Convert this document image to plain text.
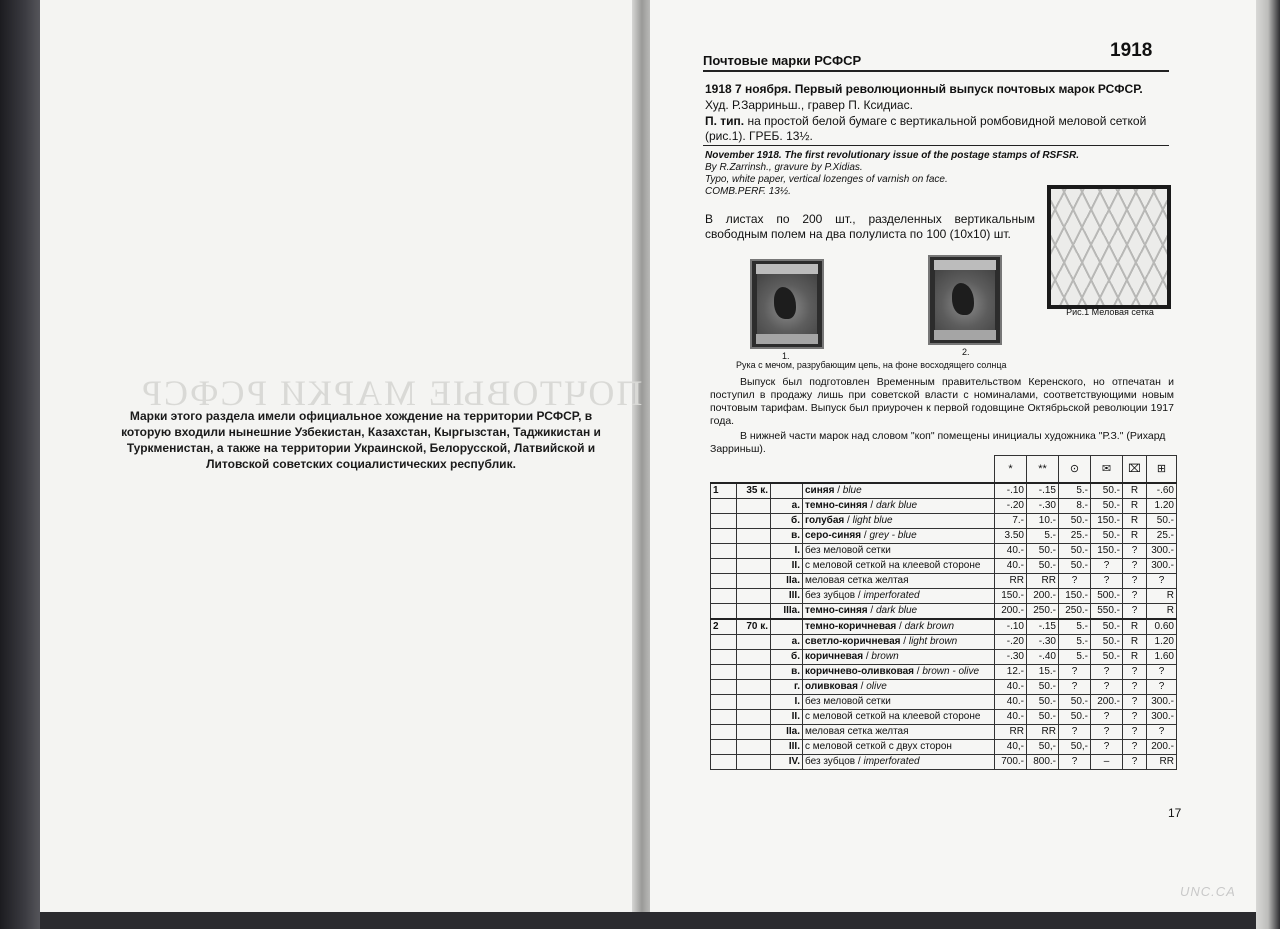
ПОЧТОВЫЕ МАРКИ РСФСР
Марки этого раздела имели официальное хождение на территории РСФСР, в которую входили нынешние Узбекистан, Казахстан, Кыргызстан, Таджикистан и Туркменистан, а также на территории Украинской, Белорусской, Латвийской и Литовской советских социалистических республик.
Почтовые марки РСФСР	1918
1918 7 ноября. Первый революционный выпуск почтовых марок РСФСР.
Худ. Р.Зарриньш., гравер П. Ксидиас.
П. тип. на простой белой бумаге с вертикальной ромбовидной меловой сеткой (рис.1). ГРЕБ. 13½.
November 1918. The first revolutionary issue of the postage stamps of RSFSR.
By R.Zarrinsh., gravure by P.Xidias.
Typo, white paper, vertical lozenges of varnish on face.
COMB.PERF. 13½.
В листах по 200 шт., разделенных вертикальным свободным полем на два полулиста по 100 (10х10) шт.
Рис.1 Меловая сетка
1.	2.
Рука с мечом, разрубающим цепь, на фоне восходящего солнца
Выпуск был подготовлен Временным правительством Керенского, но отпечатан и поступил в продажу лишь при советской власти с номиналами, соответствующими новым почтовым тарифам. Выпуск был приурочен к первой годовщине Октябрьской революции 1917 года.
В нижней части марок над словом "коп" помещены инициалы художника "Р.З." (Рихард Зарриньш).
				*	**	⊙	✉	⌧	⊞
1	35 к.		синяя / blue	-.10	-.15	5.-	50.-	R	-.60
		а.	темно-синяя / dark blue	-.20	-.30	8.-	50.-	R	1.20
		б.	голубая / light blue	7.-	10.-	50.-	150.-	R	50.-
		в.	серо-синяя / grey - blue	3.50	5.-	25.-	50.-	R	25.-
		I.	без меловой сетки	40.-	50.-	50.-	150.-	?	300.-
		II.	с меловой сеткой на клеевой стороне	40.-	50.-	50.-	?	?	300.-
		IIa.	меловая сетка желтая	RR	RR	?	?	?	?
		III.	без зубцов / imperforated	150.-	200.-	150.-	500.-	?	R
		IIIa.	темно-синяя / dark blue	200.-	250.-	250.-	550.-	?	R
2	70 к.		темно-коричневая / dark brown	-.10	-.15	5.-	50.-	R	0.60
		а.	светло-коричневая / light brown	-.20	-.30	5.-	50.-	R	1.20
		б.	коричневая / brown	-.30	-.40	5.-	50.-	R	1.60
		в.	коричнево-оливковая / brown - olive	12.-	15.-	?	?	?	?
		г.	оливковая / olive	40.-	50.-	?	?	?	?
		I.	без меловой сетки	40.-	50.-	50.-	200.-	?	300.-
		II.	с меловой сеткой на клеевой стороне	40.-	50.-	50.-	?	?	300.-
		IIa.	меловая сетка желтая	RR	RR	?	?	?	?
		III.	с меловой сеткой с двух сторон	40,-	50,-	50,-	?	?	200.-
		IV.	без зубцов / imperforated	700.-	800.-	?	–	?	RR
17
UNC.CA
